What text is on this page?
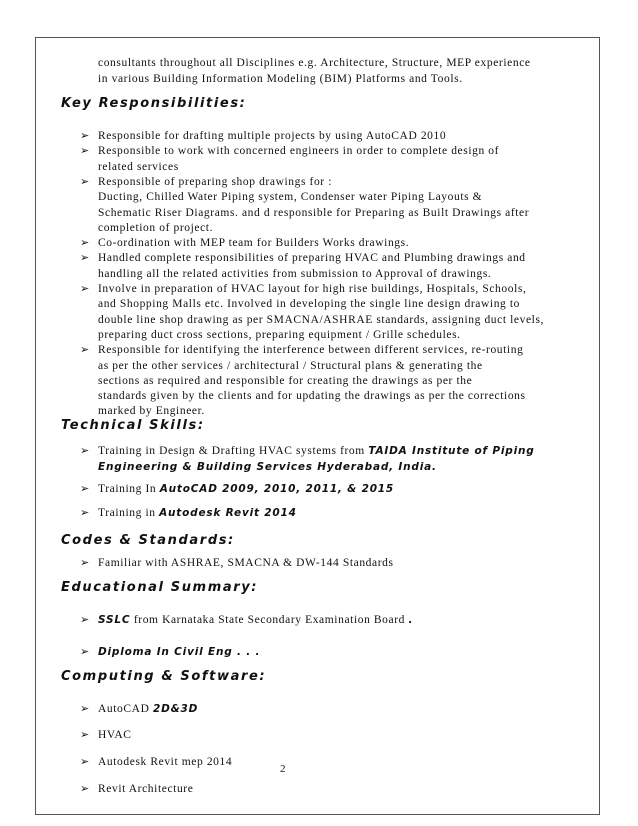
consultants throughout all Disciplines e.g. Architecture, Structure, MEP experience
in various Building Information Modeling (BIM) Platforms and Tools.
Key Responsibilities:
➢ Responsible for drafting multiple projects by using AutoCAD 2010
➢ Responsible to work with concerned engineers in order to complete design of
related services
➢ Responsible of preparing shop drawings for :
Ducting, Chilled Water Piping system, Condenser water Piping Layouts &
Schematic Riser Diagrams. and d responsible for Preparing as Built Drawings after
completion of project.
➢ Co-ordination with MEP team for Builders Works drawings.
➢ Handled complete responsibilities of preparing HVAC and Plumbing drawings and
handling all the related activities from submission to Approval of drawings.
➢ Involve in preparation of HVAC layout for high rise buildings, Hospitals, Schools,
and Shopping Malls etc. Involved in developing the single line design drawing to
double line shop drawing as per SMACNA/ASHRAE standards, assigning duct levels,
preparing duct cross sections, preparing equipment / Grille schedules.
➢ Responsible for identifying the interference between different services, re-routing
as per the other services / architectural / Structural plans & generating the
sections as required and responsible for creating the drawings as per the
standards given by the clients and for updating the drawings as per the corrections
marked by Engineer.
Technical Skills:
➢ Training in Design & Drafting HVAC systems from TAIDA Institute of Piping
Engineering & Building Services Hyderabad, India.
➢ Training In AutoCAD 2009, 2010, 2011, & 2015
➢ Training in Autodesk Revit 2014
Codes & Standards:
➢ Familiar with ASHRAE, SMACNA & DW-144 Standards
Educational Summary:
➢ SSLC from Karnataka State Secondary Examination Board .
➢ Diploma In Civil Eng . . .
Computing & Software:
➢ AutoCAD 2D&3D
➢ HVAC
➢ Autodesk Revit mep 2014
➢ Revit Architecture
2
